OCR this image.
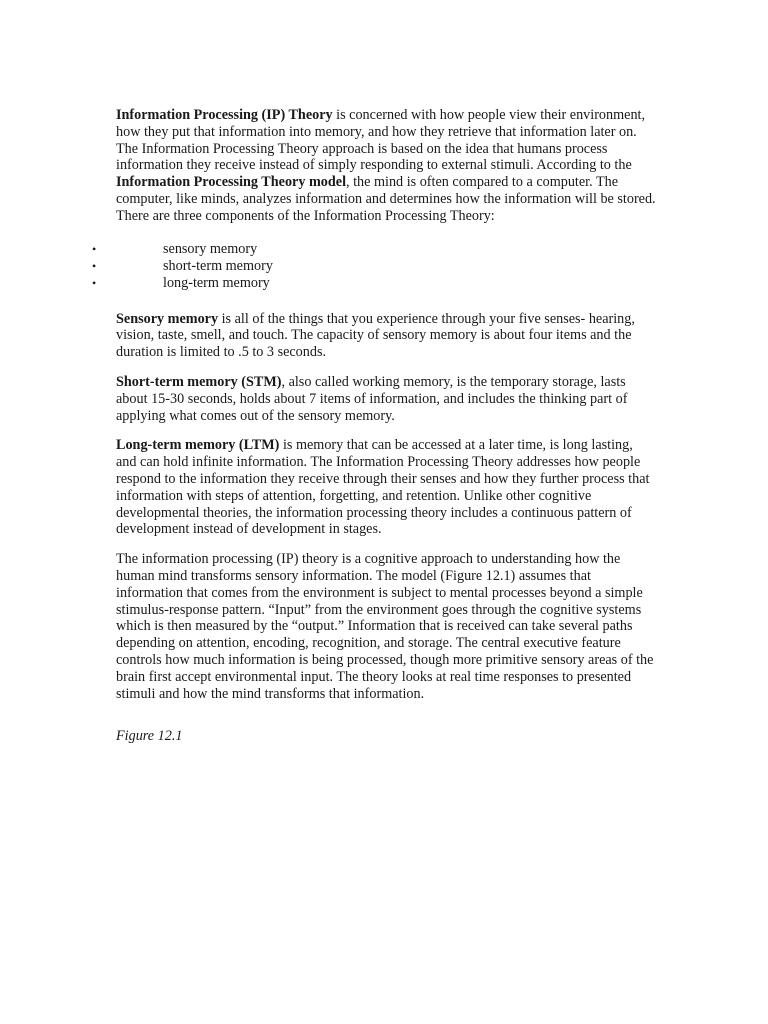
Information Processing (IP) Theory is concerned with how people view their environment, how they put that information into memory, and how they retrieve that information later on. The Information Processing Theory approach is based on the idea that humans process information they receive instead of simply responding to external stimuli. According to the

Information Processing Theory model, the mind is often compared to a computer. The computer, like minds, analyzes information and determines how the information will be stored.

There are three components of the Information Processing Theory:

•	sensory memory
•	short-term memory
•	long-term memory

Sensory memory is all of the things that you experience through your five senses- hearing, vision, taste, smell, and touch. The capacity of sensory memory is about four items and the duration is limited to .5 to 3 seconds.

Short-term memory (STM), also called working memory, is the temporary storage, lasts about 15-30 seconds, holds about 7 items of information, and includes the thinking part of applying what comes out of the sensory memory.

Long-term memory (LTM) is memory that can be accessed at a later time, is long lasting, and can hold infinite information. The Information Processing Theory addresses how people respond to the information they receive through their senses and how they further process that information with steps of attention, forgetting, and retention. Unlike other cognitive developmental theories, the information processing theory includes a continuous pattern of development instead of development in stages.

The information processing (IP) theory is a cognitive approach to understanding how the human mind transforms sensory information. The model (Figure 12.1) assumes that information that comes from the environment is subject to mental processes beyond a simple stimulus-response pattern. “Input” from the environment goes through the cognitive systems which is then measured by the “output.” Information that is received can take several paths depending on attention, encoding, recognition, and storage. The central executive feature controls how much information is being processed, though more primitive sensory areas of the brain first accept environmental input. The theory looks at real time responses to presented stimuli and how the mind transforms that information.

Figure 12.1
